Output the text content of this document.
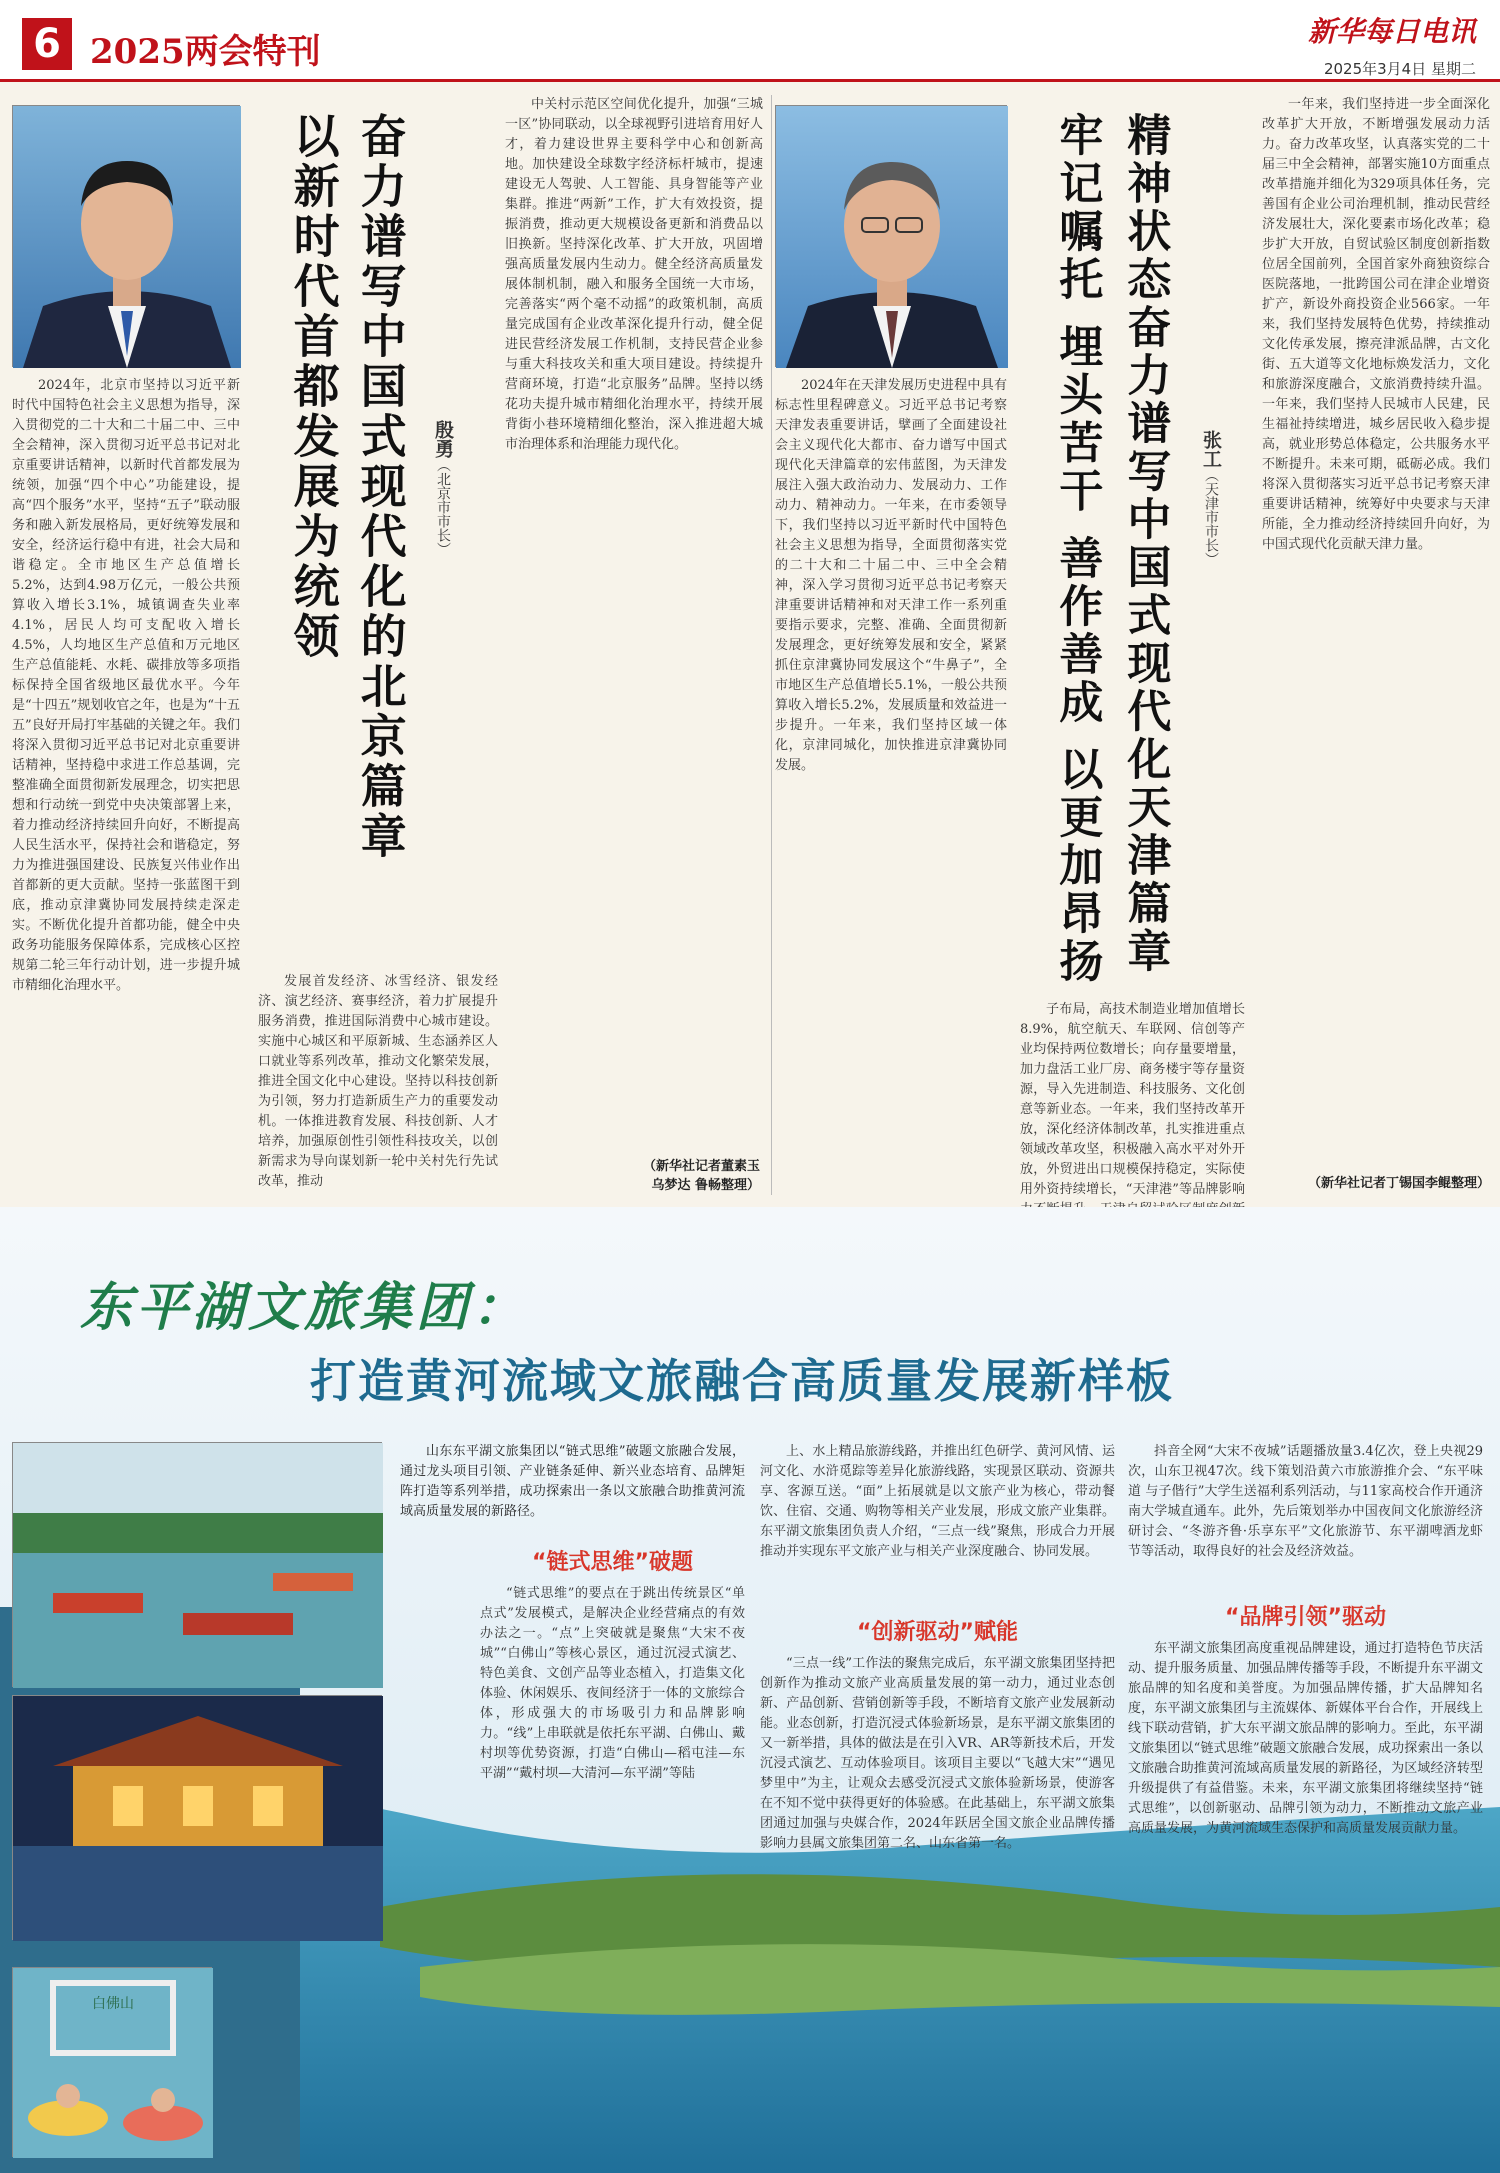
6 2025两会特刊
新华每日电讯
2025年3月4日 星期二
奋力谱写中国式现代化的北京篇章
以新时代首都发展为统领	殷勇（北京市市长）

2024年，北京市坚持以习近平新时代中国特色社会主义思想为指导，深入贯彻党的二十大和二十届二中、三中全会精神，深入贯彻习近平总书记对北京重要讲话精神，以新时代首都发展为统领，加强“四个中心”功能建设，提高“四个服务”水平，坚持“五子”联动服务和融入新发展格局，更好统筹发展和安全，经济运行稳中有进，社会大局和谐稳定。全市地区生产总值增长5.2%，达到4.98万亿元，一般公共预算收入增长3.1%，城镇调查失业率4.1%，居民人均可支配收入增长4.5%，人均地区生产总值和万元地区生产总值能耗、水耗、碳排放等多项指标保持全国省级地区最优水平。今年是“十四五”规划收官之年，也是为“十五五”良好开局打牢基础的关键之年。我们将深入贯彻习近平总书记对北京重要讲话精神，坚持稳中求进工作总基调，完整准确全面贯彻新发展理念，切实把思想和行动统一到党中央决策部署上来，着力推动经济持续回升向好，不断提高人民生活水平，保持社会和谐稳定，努力为推进强国建设、民族复兴伟业作出首都新的更大贡献。坚持一张蓝图干到底，推动京津冀协同发展持续走深走实。不断优化提升首都功能，健全中央政务功能服务保障体系，完成核心区控规第二轮三年行动计划，进一步提升城市精细化治理水平。

中关村示范区空间优化提升，加强“三城一区”协同联动，以全球视野引进培育用好人才，着力建设世界主要科学中心和创新高地。加快建设全球数字经济标杆城市，提速建设无人驾驶、人工智能、具身智能等产业集群。推进“两新”工作，扩大有效投资，提振消费，推动更大规模设备更新和消费品以旧换新。坚持深化改革、扩大开放，巩固增强高质量发展内生动力。健全经济高质量发展体制机制，融入和服务全国统一大市场，完善落实“两个毫不动摇”的政策机制，高质量完成国有企业改革深化提升行动，健全促进民营经济发展工作机制，支持民营企业参与重大科技攻关和重大项目建设。持续提升营商环境，打造“北京服务”品牌。坚持以绣花功夫提升城市精细化治理水平，持续开展背街小巷环境精细化整治，深入推进超大城市治理体系和治理能力现代化。

发展首发经济、冰雪经济、银发经济、演艺经济、赛事经济，着力扩展提升服务消费，推进国际消费中心城市建设。实施中心城区和平原新城、生态涵养区人口就业等系列改革，推动文化繁荣发展，推进全国文化中心建设。坚持以科技创新为引领，努力打造新质生产力的重要发动机。一体推进教育发展、科技创新、人才培养，加强原创性引领性科技攻关，以创新需求为导向谋划新一轮中关村先行先试改革，推动

（新华社记者董素玉
乌梦达 鲁畅整理）
精神状态奋力谱写中国式现代化天津篇章
牢记嘱托 埋头苦干 善作善成 以更加昂扬	张工（天津市市长）

2024年在天津发展历史进程中具有标志性里程碑意义。习近平总书记考察天津发表重要讲话，擘画了全面建设社会主义现代化大都市、奋力谱写中国式现代化天津篇章的宏伟蓝图，为天津发展注入强大政治动力、发展动力、工作动力、精神动力。一年来，在市委领导下，我们坚持以习近平新时代中国特色社会主义思想为指导，全面贯彻落实党的二十大和二十届二中、三中全会精神，深入学习贯彻习近平总书记考察天津重要讲话精神和对天津工作一系列重要指示要求，完整、准确、全面贯彻新发展理念，更好统筹发展和安全，紧紧抓住京津冀协同发展这个“牛鼻子”，全市地区生产总值增长5.1%，一般公共预算收入增长5.2%，发展质量和效益进一步提升。一年来，我们坚持区域一体化，京津同城化，加快推进京津冀协同发展。

子布局，高技术制造业增加值增长8.9%，航空航天、车联网、信创等产业均保持两位数增长；向存量要增量，加力盘活工业厂房、商务楼宇等存量资源，导入先进制造、科技服务、文化创意等新业态。一年来，我们坚持改革开放，深化经济体制改革，扎实推进重点领域改革攻坚，积极融入高水平对外开放，外贸进出口规模保持稳定，实际使用外资持续增长，“天津港”等品牌影响

一年来，我们坚持进一步全面深化改革扩大开放，不断增强发展动力活力。奋力改革攻坚，认真落实党的二十届三中全会精神，部署实施10方面重点改革措施并细化为329项具体任务，完善国有企业公司治理机制，推动民营经济发展壮大，深化要素市场化改革；稳步扩大开放，自贸试验区制度创新指数位居全国前列，全国首家外商独资综合医院落地，一批跨国公司在津企业增资扩产，新设外商投资企业566家。一年来，我们坚持发展特色优势，持续推动文化传承发展，擦亮津派品牌，古文化街、五大道等文化地标焕发活力，文化和旅游深度融合，文旅消费持续升温。一年来，我们坚持人民城市人民建，民生福祉持续增进，城乡居民收入稳步提高，就业形势总体稳定，公共服务水平不断提升。未来可期，砥砺必成。我们将深入贯彻落实习近平总书记考察天津重要讲话精神，统筹好中央要求与天津所能，全力推动经济持续回升向好，为中国式现代化贡献天津力量。

（新华社记者丁锡国李鲲整理）
东平湖文旅集团：
打造黄河流域文旅融合高质量发展新样板
白佛山

山东东平湖文旅集团以“链式思维”破题文旅融合发展，通过龙头项目引领、产业链条延伸、新兴业态培育、品牌矩阵打造等系列举措，成功探索出一条以文旅融合助推黄河流域高质量发展的新路径。

“链式思维”破题

“链式思维”的要点在于跳出传统景区“单点式”发展模式，是解决企业经营痛点的有效办法之一。“点”上突破就是聚焦“大宋不夜城”“白佛山”等核心景区，通过沉浸式演艺、特色美食、文创产品等业态植入，打造集文化体验、休闲娱乐、夜间经济于一体的文旅综合体，形成强大的市场吸引力和品牌影响力。“线”上串联就是依托东平湖、白佛山、戴村坝等优势资源，打造“白佛山—稻屯洼—东平湖”“戴村坝—大清河—东平湖”等陆

上、水上精品旅游线路，并推出红色研学、黄河风情、运河文化、水浒觅踪等差异化旅游线路，实现景区联动、资源共享、客源互送。“面”上拓展就是以文旅产业为核心，带动餐饮、住宿、交通、购物等相关产业发展，形成文旅产业集群。东平湖文旅集团负责人介绍，“三点一线”聚焦，形成合力开展推动并实现东平文旅产业与相关产业深度融合、协同发展。

“创新驱动”赋能

“三点一线”工作法的聚焦完成后，东平湖文旅集团坚持把创新作为推动文旅产业高质量发展的第一动力，通过业态创新、产品创新、营销创新等手段，不断培育文旅产业发展新动能。业态创新，打造沉浸式体验新场景，是东平湖文旅集团的又一新举措，具体的做法是在引入VR、AR等新技术后，开发沉浸式演艺、互动体验项目。该项目主要以“飞越大宋”“遇见梦里中”为主，让观众去感受沉浸式文旅体验新场景，使游客在不知不觉中获得更好的体验感。在此基础上，东平湖文旅集团通过加强与央媒合作，2024年跃居全国文旅企业品牌传播影响力县属文旅集团第二名、山东省第一名。

抖音全网“大宋不夜城”话题播放量3.4亿次，登上央视29次，山东卫视47次。线下策划沿黄六市旅游推介会、“东平味道 与子偕行”大学生送福利系列活动，与11家高校合作开通济南大学城直通车。此外，先后策划举办中国夜间文化旅游经济研讨会、“冬游齐鲁·乐享东平”文化旅游节、东平湖啤酒龙虾节等活动，取得良好的社会及经济效益。

“品牌引领”驱动

东平湖文旅集团高度重视品牌建设，通过打造特色节庆活动、提升服务质量、加强品牌传播等手段，不断提升东平湖文旅品牌的知名度和美誉度。为加强品牌传播，扩大品牌知名度，东平湖文旅集团与主流媒体、新媒体平台合作，开展线上线下联动营销，扩大东平湖文旅品牌的影响力。至此，东平湖文旅集团以“链式思维”破题文旅融合发展，成功探索出一条以文旅融合助推黄河流域高质量发展的新路径，为区域经济转型升级提供了有益借鉴。未来，东平湖文旅集团将继续坚持“链式思维”，以创新驱动、品牌引领为动力，不断推动文旅产业高质量发展，为黄河流域生态保护和高质量发展贡献力量。
